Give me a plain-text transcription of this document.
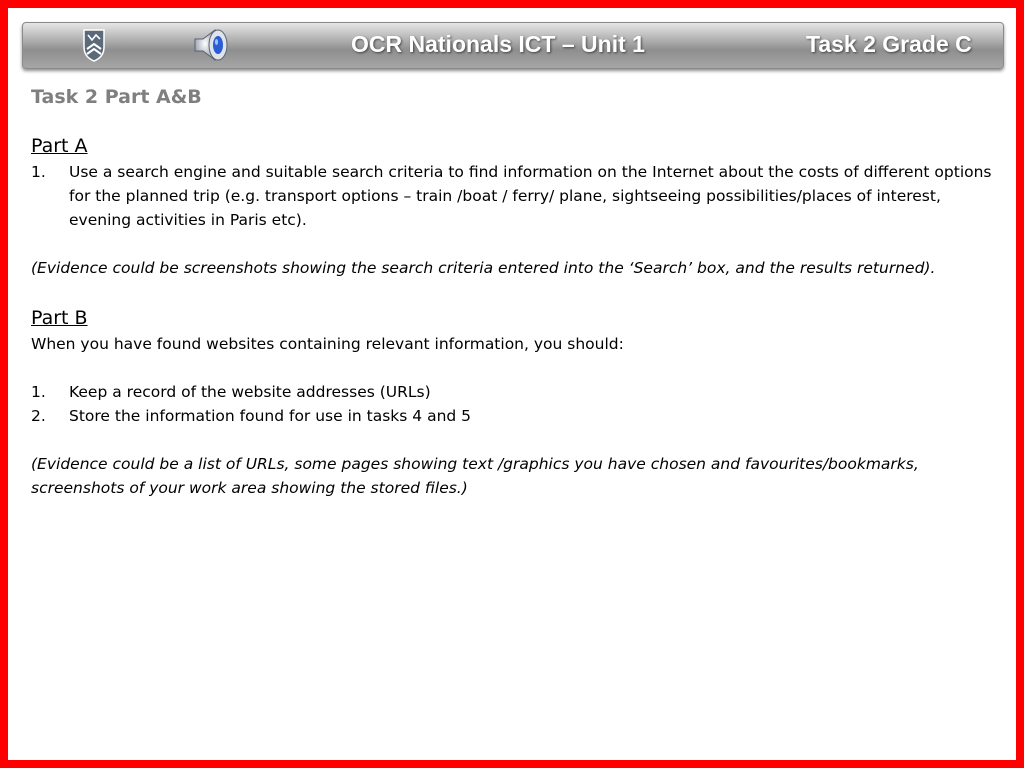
OCR Nationals ICT – Unit 1	Task 2 Grade C
Task 2 Part A&B
Part A
1. Use a search engine and suitable search criteria to find information on the Internet about the costs of different options for the planned trip (e.g. transport options – train /boat / ferry/ plane, sightseeing possibilities/places of interest, evening activities in Paris etc).
(Evidence could be screenshots showing the search criteria entered into the ‘Search’ box, and the results returned).
Part B
When you have found websites containing relevant information, you should:
1. Keep a record of the website addresses (URLs)
2. Store the information found for use in tasks 4 and 5
(Evidence could be a list of URLs, some pages showing text /graphics you have chosen and favourites/bookmarks, screenshots of your work area showing the stored files.)
